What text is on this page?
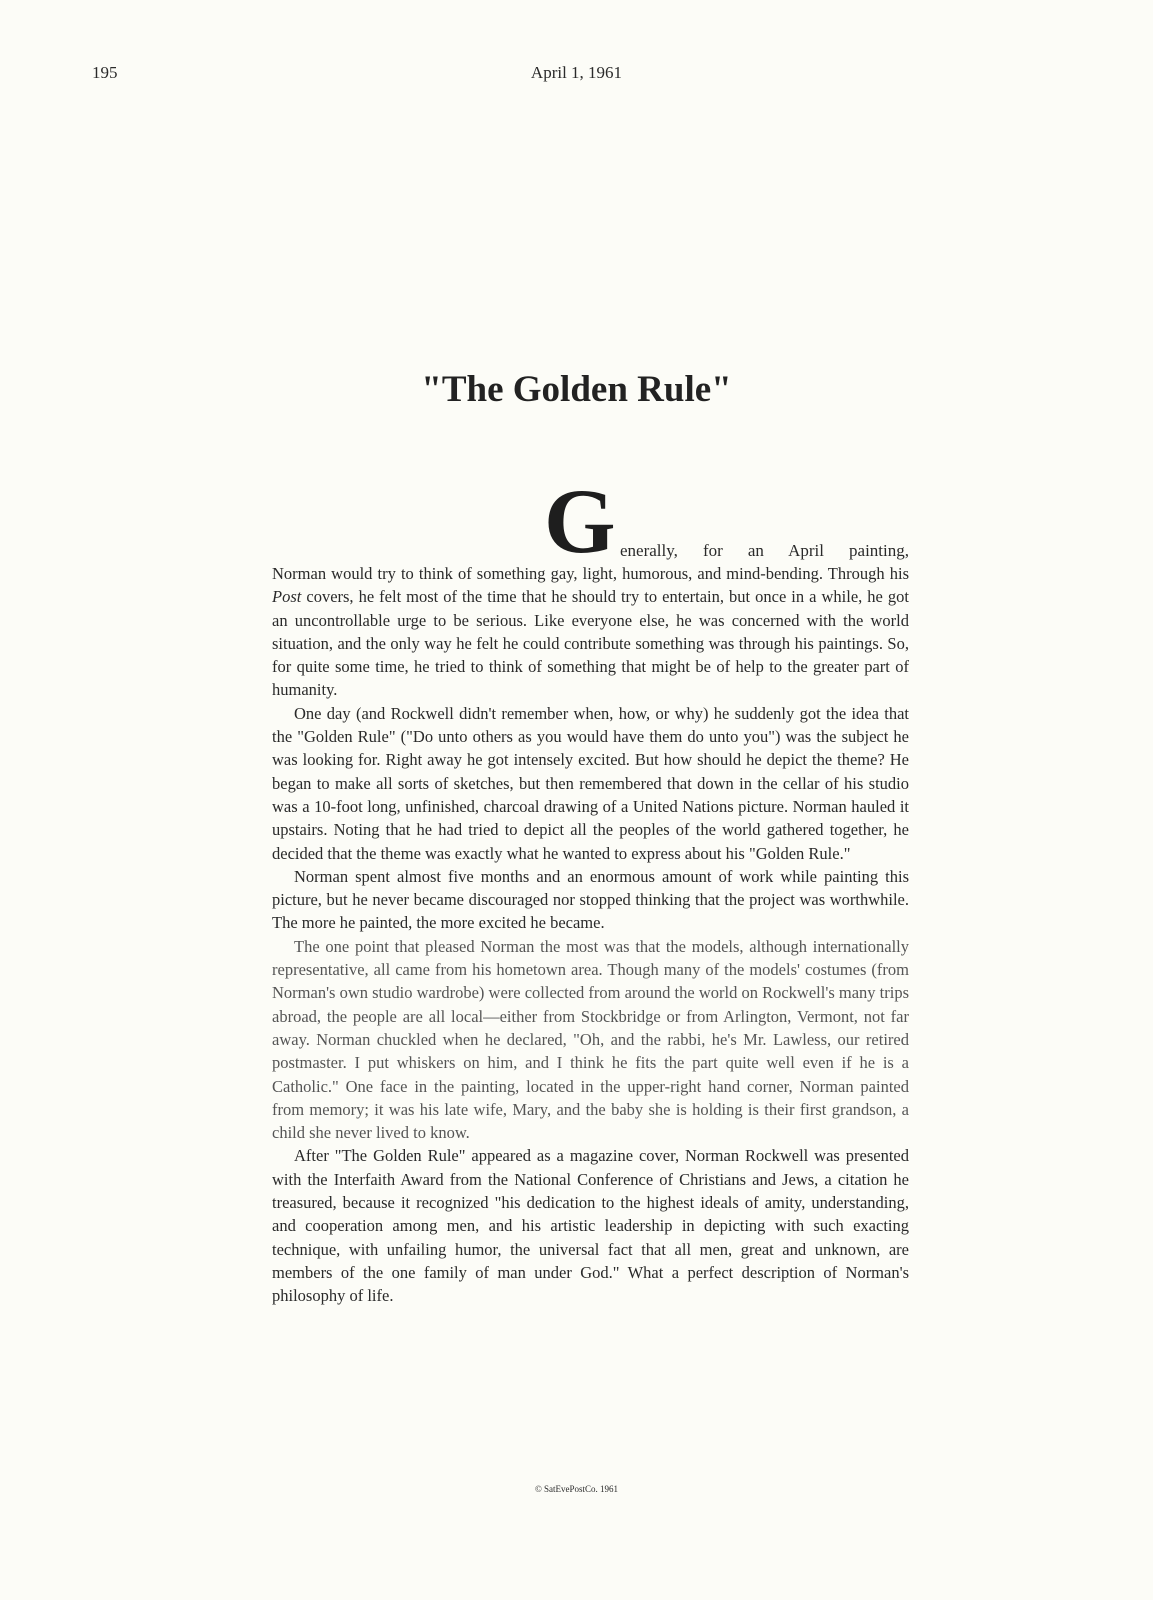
195	April 1, 1961
"The Golden Rule"
G enerally, for an April painting,

Norman would try to think of something gay, light, humorous, and mind-bending. Through his Post covers, he felt most of the time that he should try to entertain, but once in a while, he got an uncontrollable urge to be serious. Like everyone else, he was concerned with the world situation, and the only way he felt he could contribute something was through his paintings. So, for quite some time, he tried to think of something that might be of help to the greater part of humanity.

One day (and Rockwell didn't remember when, how, or why) he suddenly got the idea that the "Golden Rule" ("Do unto others as you would have them do unto you") was the subject he was looking for. Right away he got intensely excited. But how should he depict the theme? He began to make all sorts of sketches, but then remembered that down in the cellar of his studio was a 10-foot long, unfinished, charcoal drawing of a United Nations picture. Norman hauled it upstairs. Noting that he had tried to depict all the peoples of the world gathered together, he decided that the theme was exactly what he wanted to express about his "Golden Rule."

Norman spent almost five months and an enormous amount of work while painting this picture, but he never became discouraged nor stopped thinking that the project was worthwhile. The more he painted, the more excited he became.

The one point that pleased Norman the most was that the models, although internationally representative, all came from his hometown area. Though many of the models' costumes (from Norman's own studio wardrobe) were collected from around the world on Rockwell's many trips abroad, the people are all local—either from Stockbridge or from Arlington, Vermont, not far away. Norman chuckled when he declared, "Oh, and the rabbi, he's Mr. Lawless, our retired postmaster. I put whiskers on him, and I think he fits the part quite well even if he is a Catholic." One face in the painting, located in the upper-right hand corner, Norman painted from memory; it was his late wife, Mary, and the baby she is holding is their first grandson, a child she never lived to know.

After "The Golden Rule" appeared as a magazine cover, Norman Rockwell was presented with the Interfaith Award from the National Conference of Christians and Jews, a citation he treasured, because it recognized "his dedication to the highest ideals of amity, understanding, and cooperation among men, and his artistic leadership in depicting with such exacting technique, with unfailing humor, the universal fact that all men, great and unknown, are members of the one family of man under God." What a perfect description of Norman's philosophy of life.

© SatEvePostCo. 1961
